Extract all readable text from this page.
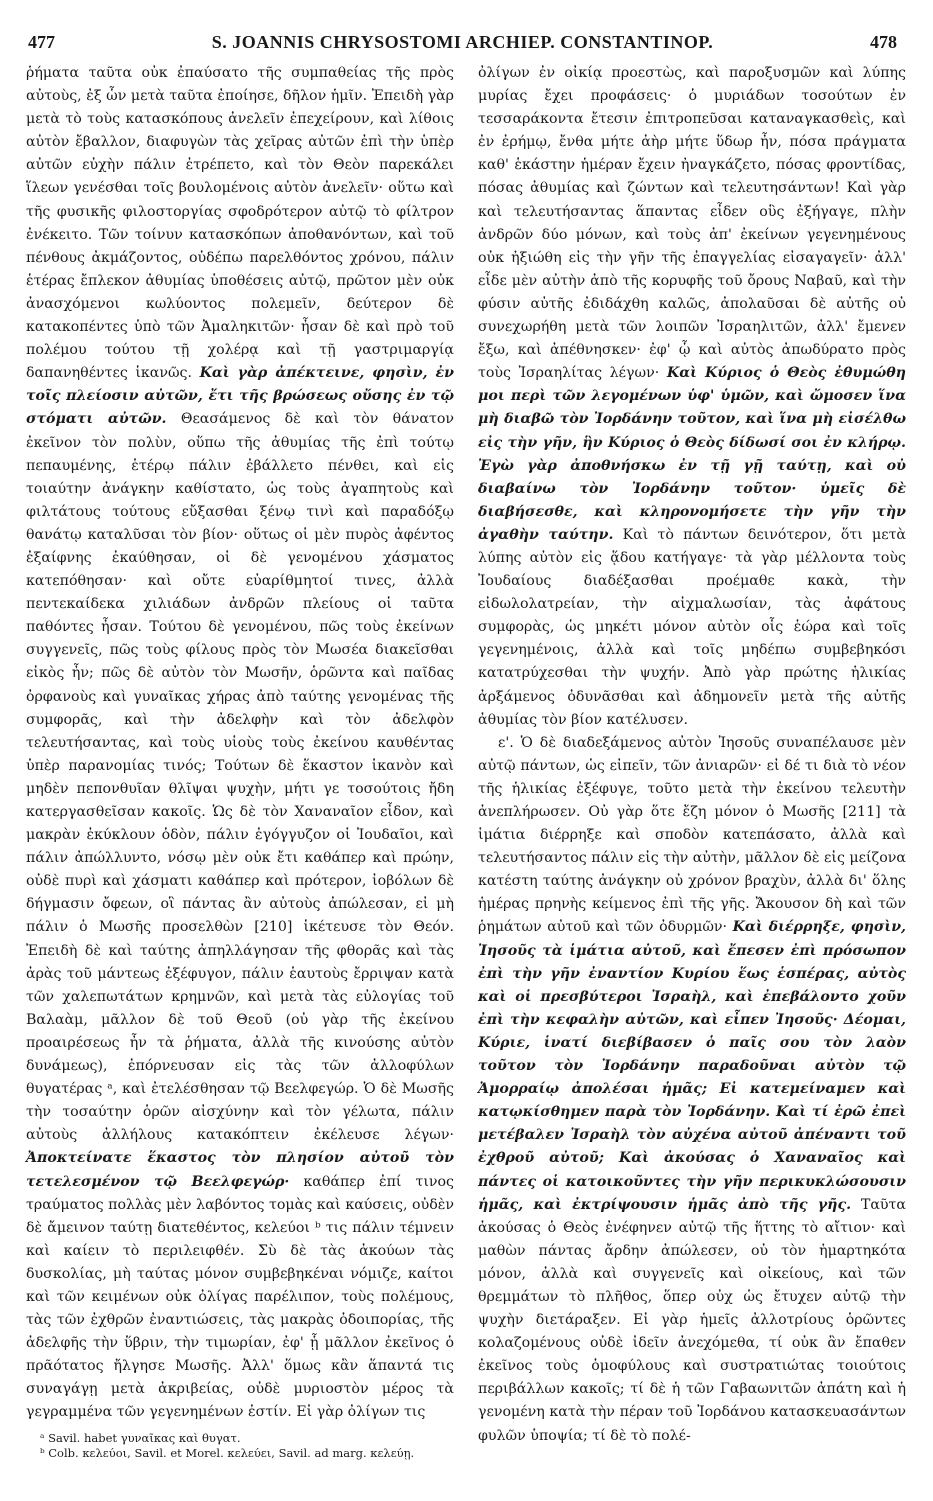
477	S. JOANNIS CHRYSOSTOMI ARCHIEP. CONSTANTINOP.	478

ῥήματα ταῦτα οὐκ ἐπαύσατο τῆς συμπαθείας τῆς πρὸς αὐτοὺς, ἐξ ὧν μετὰ ταῦτα ἐποίησε, δῆλον ἡμῖν. Ἐπειδὴ γὰρ μετὰ τὸ τοὺς κατασκόπους ἀνελεῖν ἐπεχείρουν, καὶ λίθοις αὐτὸν ἔβαλλον, διαφυγὼν τὰς χεῖρας αὐτῶν ἐπὶ τὴν ὑπὲρ αὐτῶν εὐχὴν πάλιν ἐτρέπετο, καὶ τὸν Θεὸν παρεκάλει ἵλεων γενέσθαι τοῖς βουλομένοις αὐτὸν ἀνελεῖν· οὕτω καὶ τῆς φυσικῆς φιλοστοργίας σφοδρότερον αὐτῷ τὸ φίλτρον ἐνέκειτο. Τῶν τοίνυν κατασκόπων ἀποθανόντων, καὶ τοῦ πένθους ἀκμάζοντος, οὐδέπω παρελθόντος χρόνου, πάλιν ἑτέρας ἔπλεκον ἀθυμίας ὑποθέσεις αὐτῷ, πρῶτον μὲν οὐκ ἀνασχόμενοι κωλύοντος πολεμεῖν, δεύτερον δὲ κατακοπέντες ὑπὸ τῶν Ἀμαληκιτῶν· ἦσαν δὲ καὶ πρὸ τοῦ πολέμου τούτου τῇ χολέρᾳ καὶ τῇ γαστριμαργίᾳ δαπανηθέντες ἱκανῶς. Καὶ γὰρ ἀπέκτεινε, φησὶν, ἐν τοῖς πλείοσιν αὐτῶν, ἔτι τῆς βρώσεως οὔσης ἐν τῷ στόματι αὐτῶν. Θεασάμενος δὲ καὶ τὸν θάνατον ἐκεῖνον τὸν πολὺν, οὕπω τῆς ἀθυμίας τῆς ἐπὶ τούτῳ πεπαυμένης, ἑτέρῳ πάλιν ἐβάλλετο πένθει, καὶ εἰς τοιαύτην ἀνάγκην καθίστατο, ὡς τοὺς ἀγαπητοὺς καὶ φιλτάτους τούτους εὔξασθαι ξένῳ τινὶ καὶ παραδόξῳ θανάτῳ καταλῦσαι τὸν βίον· οὕτως οἱ μὲν πυρὸς ἀφέντος ἐξαίφνης ἐκαύθησαν, οἱ δὲ γενομένου χάσματος κατεπόθησαν· καὶ οὔτε εὐαρίθμητοί τινες, ἀλλὰ πεντεκαίδεκα χιλιάδων ἀνδρῶν πλείους οἱ ταῦτα παθόντες ἦσαν. Τούτου δὲ γενομένου, πῶς τοὺς ἐκείνων συγγενεῖς, πῶς τοὺς φίλους πρὸς τὸν Μωσέα διακεῖσθαι εἰκὸς ἦν; πῶς δὲ αὐτὸν τὸν Μωσῆν, ὁρῶντα καὶ παῖδας ὀρφανοὺς καὶ γυναῖκας χήρας ἀπὸ ταύτης γενομένας τῆς συμφορᾶς, καὶ τὴν ἀδελφὴν καὶ τὸν ἀδελφὸν τελευτήσαντας, καὶ τοὺς υἱοὺς τοὺς ἐκείνου καυθέντας ὑπὲρ παρανομίας τινός; Τούτων δὲ ἕκαστον ἱκανὸν καὶ μηδὲν πεπονθυῖαν θλῖψαι ψυχὴν, μήτι γε τοσούτοις ἤδη κατεργασθεῖσαν κακοῖς. Ὡς δὲ τὸν Χαναναῖον εἶδον, καὶ μακρὰν ἐκύκλουν ὁδὸν, πάλιν ἐγόγγυζον οἱ Ἰουδαῖοι, καὶ πάλιν ἀπώλλυντο, νόσῳ μὲν οὐκ ἔτι καθάπερ καὶ πρώην, οὐδὲ πυρὶ καὶ χάσματι καθάπερ καὶ πρότερον, ἰοβόλων δὲ δήγμασιν ὄφεων, οἳ πάντας ἂν αὐτοὺς ἀπώλεσαν, εἰ μὴ πάλιν ὁ Μωσῆς προσελθὼν [210] ἱκέτευσε τὸν Θεόν. Ἐπειδὴ δὲ καὶ ταύτης ἀπηλλάγησαν τῆς φθορᾶς καὶ τὰς ἀρὰς τοῦ μάντεως ἐξέφυγον, πάλιν ἑαυτοὺς ἔρριψαν κατὰ τῶν χαλεπωτάτων κρημνῶν, καὶ μετὰ τὰς εὐλογίας τοῦ Βαλαὰμ, μᾶλλον δὲ τοῦ Θεοῦ (οὐ γὰρ τῆς ἐκείνου προαιρέσεως ἦν τὰ ῥήματα, ἀλλὰ τῆς κινούσης αὐτὸν δυνάμεως), ἐπόρνευσαν εἰς τὰς τῶν ἀλλοφύλων θυγατέρας ᵃ, καὶ ἐτελέσθησαν τῷ Βεελφεγώρ. Ὁ δὲ Μωσῆς τὴν τοσαύτην ὁρῶν αἰσχύνην καὶ τὸν γέλωτα, πάλιν αὐτοὺς ἀλλήλους κατακόπτειν ἐκέλευσε λέγων· Ἀποκτείνατε ἕκαστος τὸν πλησίον αὐτοῦ τὸν τετελεσμένον τῷ Βεελφεγώρ· καθάπερ ἐπί τινος τραύματος πολλὰς μὲν λαβόντος τομὰς καὶ καύσεις, οὐδὲν δὲ ἄμεινον ταύτῃ διατεθέντος, κελεύοι ᵇ τις πάλιν τέμνειν καὶ καίειν τὸ περιλειφθέν. Σὺ δὲ τὰς ἀκούων τὰς δυσκολίας, μὴ ταύτας μόνον συμβεβηκέναι νόμιζε, καίτοι καὶ τῶν κειμένων οὐκ ὀλίγας παρέλιπον, τοὺς πολέμους, τὰς τῶν ἐχθρῶν ἐναντιώσεις, τὰς μακρὰς ὁδοιπορίας, τῆς ἀδελφῆς τὴν ὕβριν, τὴν τιμωρίαν, ἐφ' ᾗ μᾶλλον ἐκεῖνος ὁ πρᾶότατος ἤλγησε Μωσῆς. Ἀλλ' ὅμως κἂν ἅπαντά τις συναγάγῃ μετὰ ἀκριβείας, οὐδὲ μυριοστὸν μέρος τὰ γεγραμμένα τῶν γεγενημένων ἐστίν. Εἰ γὰρ ὀλίγων τις

ᵃ Savil. habet γυναῖκας καὶ θυγατ.
ᵇ Colb. κελεύοι, Savil. et Morel. κελεύει, Savil. ad marg. κελεύῃ.

ὀλίγων ἐν οἰκίᾳ προεστὼς, καὶ παροξυσμῶν καὶ λύπης μυρίας ἔχει προφάσεις· ὁ μυριάδων τοσούτων ἐν τεσσαράκοντα ἔτεσιν ἐπιτροπεῦσαι καταναγκασθεὶς, καὶ ἐν ἐρήμῳ, ἔνθα μήτε ἀὴρ μήτε ὕδωρ ἦν, πόσα πράγματα καθ' ἑκάστην ἡμέραν ἔχειν ἠναγκάζετο, πόσας φροντίδας, πόσας ἀθυμίας καὶ ζώντων καὶ τελευτησάντων! Καὶ γὰρ καὶ τελευτήσαντας ἅπαντας εἶδεν οὓς ἐξήγαγε, πλὴν ἀνδρῶν δύο μόνων, καὶ τοὺς ἀπ' ἐκείνων γεγενημένους οὐκ ἠξιώθη εἰς τὴν γῆν τῆς ἐπαγγελίας εἰσαγαγεῖν· ἀλλ' εἶδε μὲν αὐτὴν ἀπὸ τῆς κορυφῆς τοῦ ὄρους Ναβαῦ, καὶ τὴν φύσιν αὐτῆς ἐδιδάχθη καλῶς, ἀπολαῦσαι δὲ αὐτῆς οὐ συνεχωρήθη μετὰ τῶν λοιπῶν Ἰσραηλιτῶν, ἀλλ' ἔμενεν ἔξω, καὶ ἀπέθνησκεν· ἐφ' ᾧ καὶ αὐτὸς ἀπωδύρατο πρὸς τοὺς Ἰσραηλίτας λέγων· Καὶ Κύριος ὁ Θεὸς ἐθυμώθη μοι περὶ τῶν λεγομένων ὑφ' ὑμῶν, καὶ ὤμοσεν ἵνα μὴ διαβῶ τὸν Ἰορδάνην τοῦτον, καὶ ἵνα μὴ εἰσέλθω εἰς τὴν γῆν, ἣν Κύριος ὁ Θεὸς δίδωσί σοι ἐν κλήρῳ. Ἐγὼ γὰρ ἀποθνήσκω ἐν τῇ γῇ ταύτῃ, καὶ οὐ διαβαίνω τὸν Ἰορδάνην τοῦτον· ὑμεῖς δὲ διαβήσεσθε, καὶ κληρονομήσετε τὴν γῆν τὴν ἀγαθὴν ταύτην. Καὶ τὸ πάντων δεινότερον, ὅτι μετὰ λύπης αὐτὸν εἰς ᾅδου κατήγαγε· τὰ γὰρ μέλλοντα τοὺς Ἰουδαίους διαδέξασθαι προέμαθε κακὰ, τὴν εἰδωλολατρείαν, τὴν αἰχμαλωσίαν, τὰς ἀφάτους συμφορὰς, ὡς μηκέτι μόνον αὐτὸν οἷς ἑώρα καὶ τοῖς γεγενημένοις, ἀλλὰ καὶ τοῖς μηδέπω συμβεβηκόσι κατατρύχεσθαι τὴν ψυχήν. Ἀπὸ γὰρ πρώτης ἡλικίας ἀρξάμενος ὀδυνᾶσθαι καὶ ἀδημονεῖν μετὰ τῆς αὐτῆς ἀθυμίας τὸν βίον κατέλυσεν.

ε'. Ὁ δὲ διαδεξάμενος αὐτὸν Ἰησοῦς συναπέλαυσε μὲν αὐτῷ πάντων, ὡς εἰπεῖν, τῶν ἀνιαρῶν· εἰ δέ τι διὰ τὸ νέον τῆς ἡλικίας ἐξέφυγε, τοῦτο μετὰ τὴν ἐκείνου τελευτὴν ἀνεπλήρωσεν. Οὐ γὰρ ὅτε ἔζη μόνον ὁ Μωσῆς [211] τὰ ἱμάτια διέρρηξε καὶ σποδὸν κατεπάσατο, ἀλλὰ καὶ τελευτήσαντος πάλιν εἰς τὴν αὐτὴν, μᾶλλον δὲ εἰς μείζονα κατέστη ταύτης ἀνάγκην οὐ χρόνον βραχὺν, ἀλλὰ δι' ὅλης ἡμέρας πρηνὴς κείμενος ἐπὶ τῆς γῆς. Ἄκουσον δὴ καὶ τῶν ῥημάτων αὐτοῦ καὶ τῶν ὀδυρμῶν· Καὶ διέρρηξε, φησὶν, Ἰησοῦς τὰ ἱμάτια αὐτοῦ, καὶ ἔπεσεν ἐπὶ πρόσωπον ἐπὶ τὴν γῆν ἐναντίον Κυρίου ἕως ἑσπέρας, αὐτὸς καὶ οἱ πρεσβύτεροι Ἰσραὴλ, καὶ ἐπεβάλοντο χοῦν ἐπὶ τὴν κεφαλὴν αὐτῶν, καὶ εἶπεν Ἰησοῦς· Δέομαι, Κύριε, ἱνατί διεβίβασεν ὁ παῖς σου τὸν λαὸν τοῦτον τὸν Ἰορδάνην παραδοῦναι αὐτὸν τῷ Ἀμορραίῳ ἀπολέσαι ἡμᾶς; Εἰ κατεμείναμεν καὶ κατῳκίσθημεν παρὰ τὸν Ἰορδάνην. Καὶ τί ἐρῶ ἐπεὶ μετέβαλεν Ἰσραὴλ τὸν αὐχένα αὐτοῦ ἀπέναντι τοῦ ἐχθροῦ αὐτοῦ; Καὶ ἀκούσας ὁ Χαναναῖος καὶ πάντες οἱ κατοικοῦντες τὴν γῆν περικυκλώσουσιν ἡμᾶς, καὶ ἐκτρίψουσιν ἡμᾶς ἀπὸ τῆς γῆς. Ταῦτα ἀκούσας ὁ Θεὸς ἐνέφηνεν αὐτῷ τῆς ἥττης τὸ αἴτιον· καὶ μαθὼν πάντας ἄρδην ἀπώλεσεν, οὐ τὸν ἡμαρτηκότα μόνον, ἀλλὰ καὶ συγγενεῖς καὶ οἰκείους, καὶ τῶν θρεμμάτων τὸ πλῆθος, ὅπερ οὐχ ὡς ἔτυχεν αὐτῷ τὴν ψυχὴν διετάραξεν. Εἰ γὰρ ἡμεῖς ἀλλοτρίους ὁρῶντες κολαζομένους οὐδὲ ἰδεῖν ἀνεχόμεθα, τί οὐκ ἂν ἔπαθεν ἐκεῖνος τοὺς ὁμοφύλους καὶ συστρατιώτας τοιούτοις περιβάλλων κακοῖς; τί δὲ ἡ τῶν Γαβαωνιτῶν ἀπάτη καὶ ἡ γενομένη κατὰ τὴν πέραν τοῦ Ἰορδάνου κατασκευασάντων φυλῶν ὑποψία; τί δὲ τὸ πολέ-
